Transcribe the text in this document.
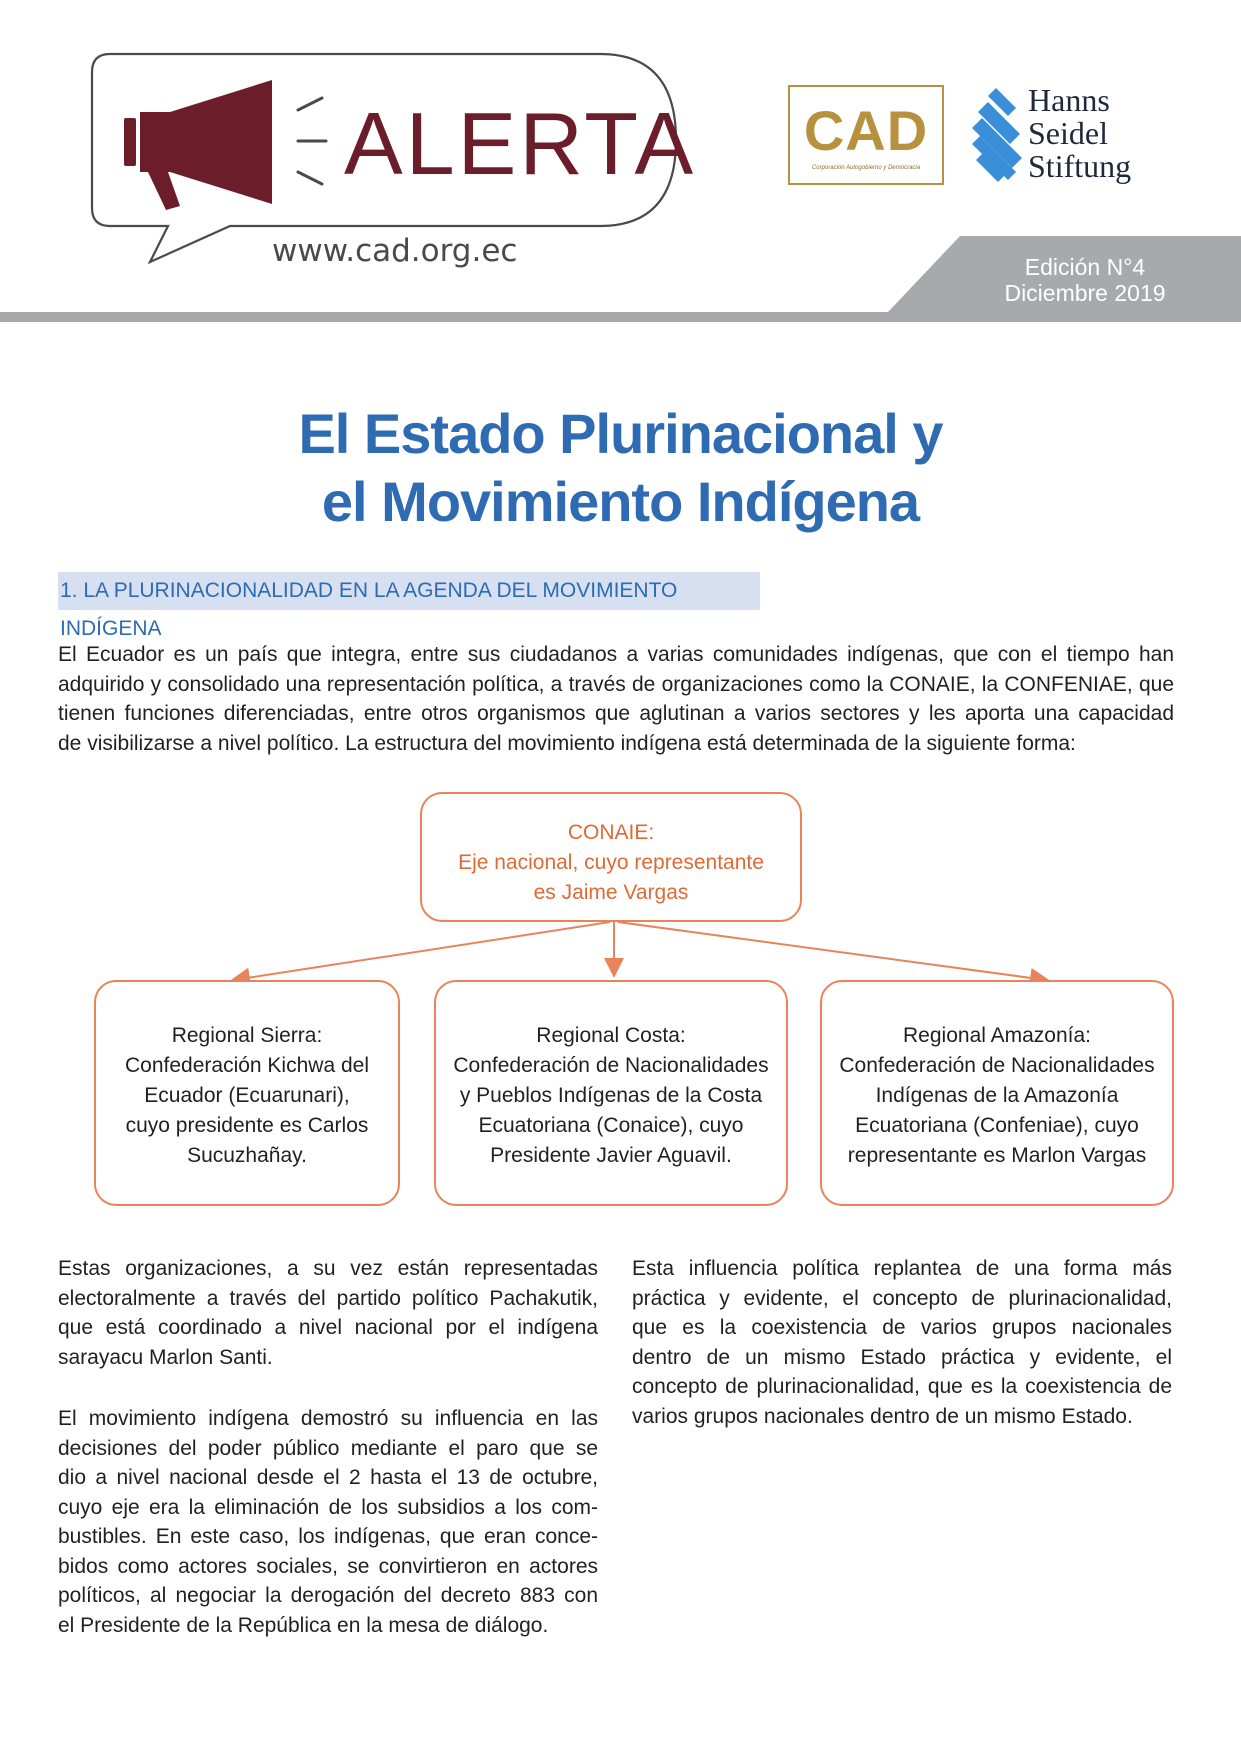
ALERTA
www.cad.org.ec
CAD
Corporación Autogobierno y Democracia
Hanns
Seidel
Stiftung
Edición N°4
Diciembre 2019
El Estado Plurinacional y
el Movimiento Indígena
1. LA PLURINACIONALIDAD EN LA AGENDA DEL MOVIMIENTO INDÍGENA
El Ecuador es un país que integra, entre sus ciudadanos a varias comunidades indígenas, que con el tiempo han
adquirido y consolidado una representación política, a través de organizaciones como la CONAIE, la CONFENIAE, que
tienen funciones diferenciadas, entre otros organismos que aglutinan a varios sectores y les aporta una capacidad
de visibilizarse a nivel político. La estructura del movimiento indígena está determinada de la siguiente forma:
CONAIE:
Eje nacional, cuyo representante
es Jaime Vargas
Regional Sierra:
Confederación Kichwa del
Ecuador (Ecuarunari),
cuyo presidente es Carlos
Sucuzhañay.
Regional Costa:
Confederación de Nacionalidades
y Pueblos Indígenas de la Costa
Ecuatoriana (Conaice), cuyo
Presidente Javier Aguavil.
Regional Amazonía:
Confederación de Nacionalidades
Indígenas de la Amazonía
Ecuatoriana (Confeniae), cuyo
representante es Marlon Vargas
Estas organizaciones, a su vez están representadas
electoralmente a través del partido político Pachakutik,
que está coordinado a nivel nacional por el indígena
sarayacu Marlon Santi.
El movimiento indígena demostró su influencia en las
decisiones del poder público mediante el paro que se
dio a nivel nacional desde el 2 hasta el 13 de octubre,
cuyo eje era la eliminación de los subsidios a los com-
bustibles. En este caso, los indígenas, que eran conce-
bidos como actores sociales, se convirtieron en actores
políticos, al negociar la derogación del decreto 883 con
el Presidente de la República en la mesa de diálogo.
Esta influencia política replantea de una forma más
práctica y evidente, el concepto de plurinacionalidad,
que es la coexistencia de varios grupos nacionales
dentro de un mismo Estado práctica y evidente, el
concepto de plurinacionalidad, que es la coexistencia de
varios grupos nacionales dentro de un mismo Estado.
